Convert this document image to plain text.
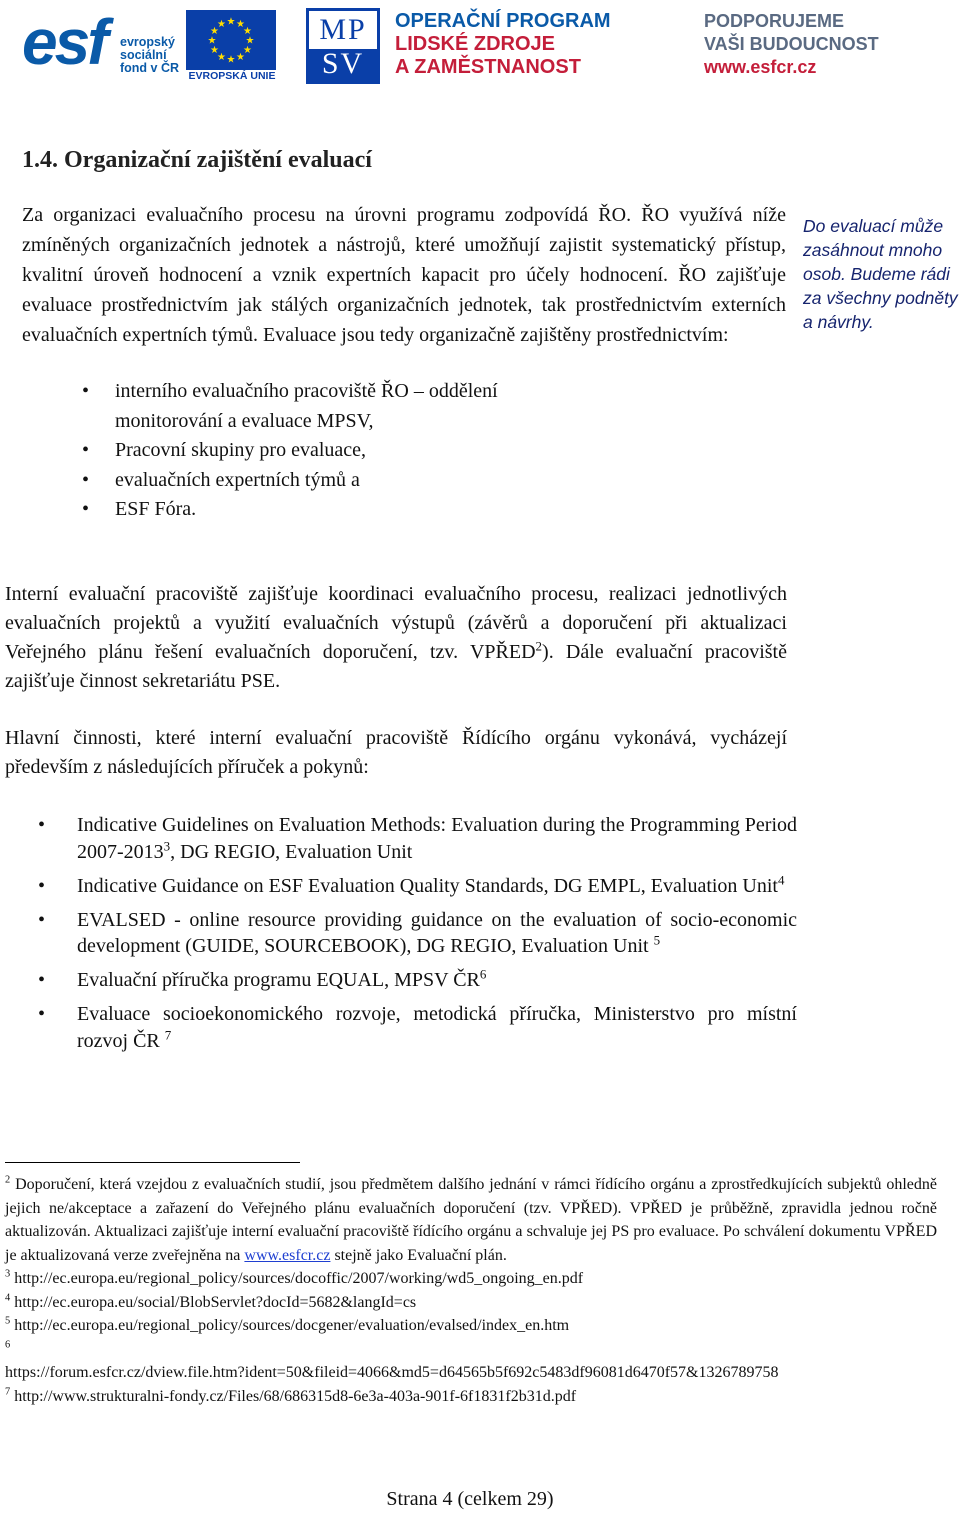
esf evropský
sociální
fond v ČR
★
★
★
★
★
★
★
★
★ ★ ★
★
EVROPSKÁ UNIE
MP
SV
OPERAČNÍ PROGRAM
LIDSKÉ ZDROJE
A ZAMĚSTNANOST
PODPORUJEME
VAŠI BUDOUCNOST
www.esfcr.cz
1.4. Organizační zajištění evaluací
Za organizaci evaluačního procesu na úrovni programu zodpovídá ŘO. ŘO využívá níže zmíněných organizačních jednotek a nástrojů, které umožňují zajistit systematický přístup, kvalitní úroveň hodnocení a vznik expertních kapacit pro účely hodnocení. ŘO zajišťuje evaluace prostřednictvím jak stálých organizačních jednotek, tak prostřednictvím externích evaluačních expertních týmů. Evaluace jsou tedy organizačně zajištěny prostřednictvím:
Do evaluací může zasáhnout mnoho osob. Budeme rádi za všechny podněty a návrhy.
• interního evaluačního pracoviště ŘO – oddělení
monitorování a evaluace MPSV,
• Pracovní skupiny pro evaluace,
• evaluačních expertních týmů a
• ESF Fóra.
Interní evaluační pracoviště zajišťuje koordinaci evaluačního procesu, realizaci jednotlivých evaluačních projektů a využití evaluačních výstupů (závěrů a doporučení při aktualizaci Veřejného plánu řešení evaluačních doporučení, tzv. VPŘED$^2$). Dále evaluační pracoviště zajišťuje činnost sekretariátu PSE.
Hlavní činnosti, které interní evaluační pracoviště Řídícího orgánu vykonává, vycházejí především z následujících příruček a pokynů:
• Indicative Guidelines on Evaluation Methods: Evaluation during the Programming Period 2007-2013$^3$, DG REGIO, Evaluation Unit
• Indicative Guidance on ESF Evaluation Quality Standards, DG EMPL, Evaluation Unit$^4$
• EVALSED - online resource providing guidance on the evaluation of socio-economic development (GUIDE, SOURCEBOOK), DG REGIO, Evaluation Unit $^5$
• Evaluační příručka programu EQUAL, MPSV $ČR^6$
• Evaluace socioekonomického rozvoje, metodická příručka, Ministerstvo pro místní rozvoj ČR $^7$
$^2$ Doporučení, která vzejdou z evaluačních studií, jsou předmětem dalšího jednání v rámci řídícího orgánu a zprostředkujících subjektů ohledně jejich ne/akceptace a zařazení do Veřejného plánu evaluačních doporučení (tzv. VPŘED). VPŘED je průběžně, zpravidla jednou ročně aktualizován. Aktualizaci zajišťuje interní evaluační pracoviště řídícího orgánu a schvaluje jej PS pro evaluace. Po schválení dokumentu VPŘED je aktualizovaná verze zveřejněna na www.esfcr.cz stejně jako Evaluační plán.
$^3$ http://ec.europa.eu/regional_policy/sources/docoffic/2007/working/wd5_ongoing_en.pdf
$^4$ http://ec.europa.eu/social/BlobServlet?docId=5682&langId=cs
$^5$ http://ec.europa.eu/regional_policy/sources/docgener/evaluation/evalsed/index_en.htm
$^6$
https://forum.esfcr.cz/dview.file.htm?ident=50&fileid=4066&md5=d64565b5f692c5483df96081d6470f57&1326789758
$^7$ http://www.strukturalni-fondy.cz/Files/68/686315d8-6e3a-403a-901f-6f1831f2b31d.pdf
Strana 4 (celkem 29)
